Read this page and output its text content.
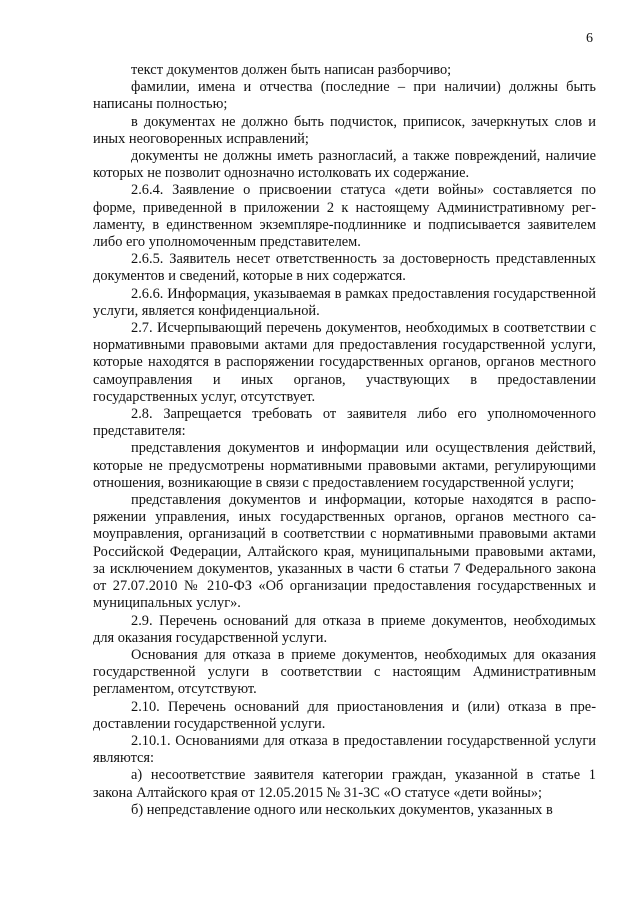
6

текст документов должен быть написан разборчиво;

фамилии, имена и отчества (последние – при наличии) должны быть написаны полностью;

в документах не должно быть подчисток, приписок, зачеркнутых слов и иных неоговоренных исправлений;

документы не должны иметь разногласий, а также повреждений, наличие которых не позволит однозначно истолковать их содержание.

2.6.4. Заявление о присвоении статуса «дети войны» составляется по форме, приведенной в приложении 2 к настоящему Административному регламенту, в единственном экземпляре-подлиннике и подписывается заявителем либо его уполномоченным представителем.

2.6.5. Заявитель несет ответственность за достоверность представленных документов и сведений, которые в них содержатся.

2.6.6. Информация, указываемая в рамках предоставления государственной услуги, является конфиденциальной.

2.7. Исчерпывающий перечень документов, необходимых в соответствии с нормативными правовыми актами для предоставления государственной услуги, которые находятся в распоряжении государственных органов, органов местного самоуправления и иных органов, участвующих в предоставлении государственных услуг, отсутствует.

2.8. Запрещается требовать от заявителя либо его уполномоченного представителя:

представления документов и информации или осуществления действий, которые не предусмотрены нормативными правовыми актами, регулирующими отношения, возникающие в связи с предоставлением государственной услуги;

представления документов и информации, которые находятся в распоряжении управления, иных государственных органов, органов местного самоуправления, организаций в соответствии с нормативными правовыми актами Российской Федерации, Алтайского края, муниципальными правовыми актами, за исключением документов, указанных в части 6 статьи 7 Федерального закона от 27.07.2010 № 210-ФЗ «Об организации предоставления государственных и муниципальных услуг».

2.9. Перечень оснований для отказа в приеме документов, необходимых для оказания государственной услуги.

Основания для отказа в приеме документов, необходимых для оказания государственной услуги в соответствии с настоящим Административным регламентом, отсутствуют.

2.10. Перечень оснований для приостановления и (или) отказа в предоставлении государственной услуги.

2.10.1. Основаниями для отказа в предоставлении государственной услуги являются:

а) несоответствие заявителя категории граждан, указанной в статье 1 закона Алтайского края от 12.05.2015 № 31-ЗС «О статусе «дети войны»;

б) непредставление одного или нескольких документов, указанных в
